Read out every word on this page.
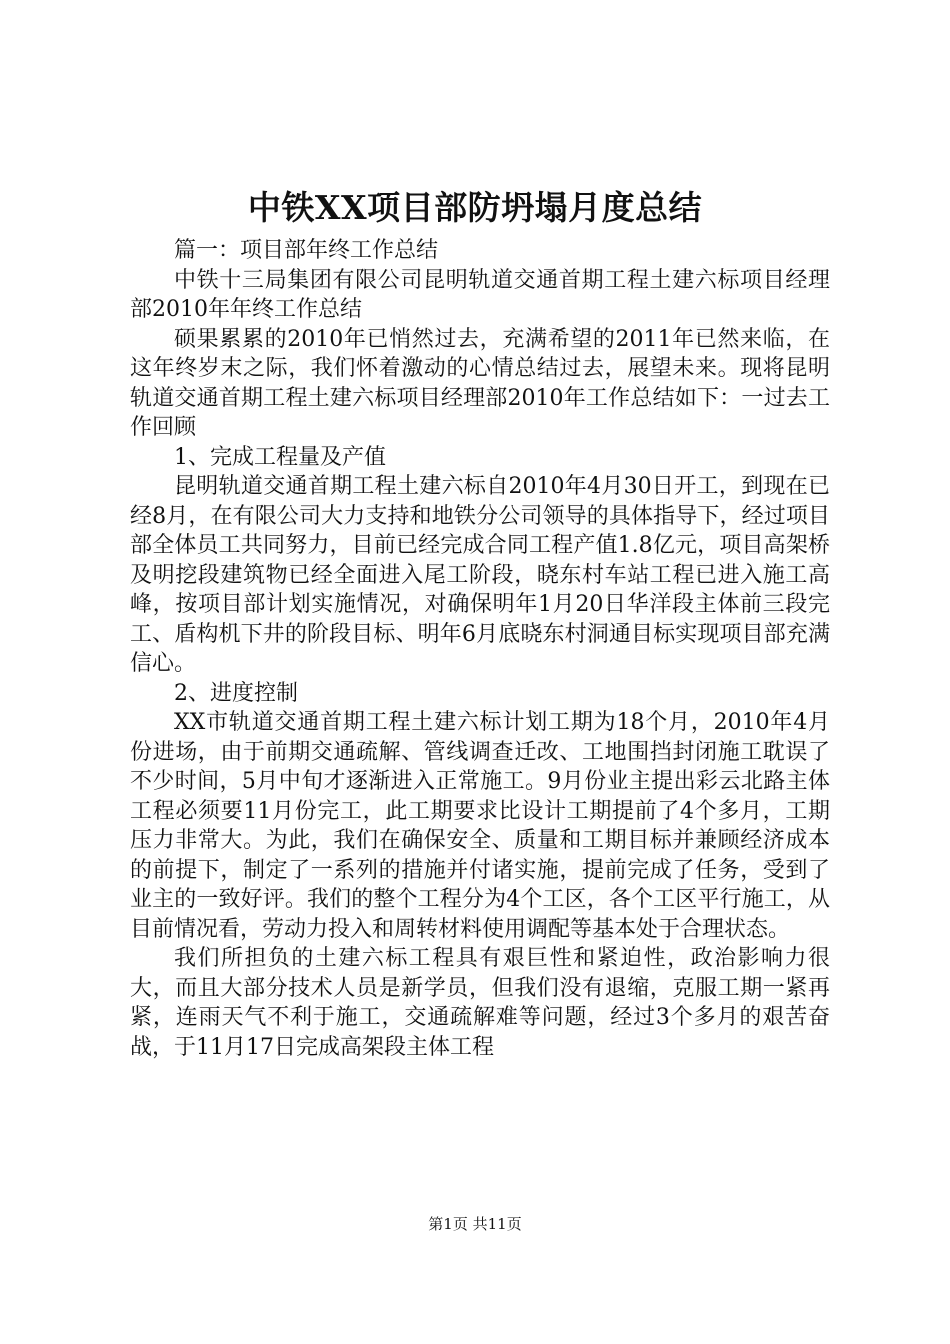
中铁XX项目部防坍塌月度总结

篇一：项目部年终工作总结

中铁十三局集团有限公司昆明轨道交通首期工程土建六标项目经理部2010年年终工作总结

硕果累累的2010年已悄然过去，充满希望的2011年已然来临，在这年终岁末之际，我们怀着激动的心情总结过去，展望未来。现将昆明轨道交通首期工程土建六标项目经理部2010年工作总结如下：一过去工作回顾

1、完成工程量及产值

昆明轨道交通首期工程土建六标自2010年4月30日开工，到现在已经8月，在有限公司大力支持和地铁分公司领导的具体指导下，经过项目部全体员工共同努力，目前已经完成合同工程产值1.8亿元，项目高架桥及明挖段建筑物已经全面进入尾工阶段，晓东村车站工程已进入施工高峰，按项目部计划实施情况，对确保明年1月20日华洋段主体前三段完工、盾构机下井的阶段目标、明年6月底晓东村洞通目标实现项目部充满信心。

2、进度控制

XX市轨道交通首期工程土建六标计划工期为18个月，2010年4月份进场，由于前期交通疏解、管线调查迁改、工地围挡封闭施工耽误了不少时间，5月中旬才逐渐进入正常施工。9月份业主提出彩云北路主体工程必须要11月份完工，此工期要求比设计工期提前了4个多月，工期压力非常大。为此，我们在确保安全、质量和工期目标并兼顾经济成本的前提下，制定了一系列的措施并付诸实施，提前完成了任务，受到了业主的一致好评。我们的整个工程分为4个工区，各个工区平行施工，从目前情况看，劳动力投入和周转材料使用调配等基本处于合理状态。

我们所担负的土建六标工程具有艰巨性和紧迫性，政治影响力很大，而且大部分技术人员是新学员，但我们没有退缩，克服工期一紧再紧，连雨天气不利于施工，交通疏解难等问题，经过3个多月的艰苦奋战，于11月17日完成高架段主体工程

第1页 共11页
